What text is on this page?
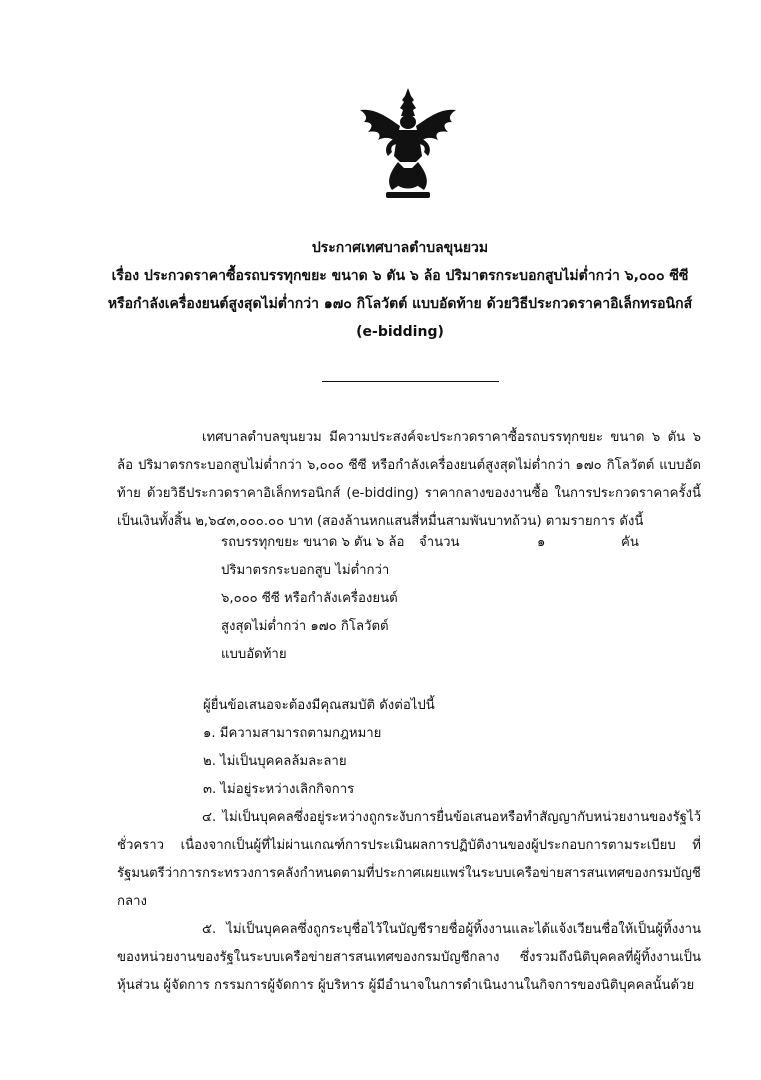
ประกาศเทศบาลตำบลขุนยวม
เรื่อง ประกวดราคาซื้อรถบรรทุกขยะ ขนาด ๖ ตัน ๖ ล้อ ปริมาตรกระบอกสูบไม่ต่ำกว่า ๖,๐๐๐ ซีซี หรือกำลังเครื่องยนต์สูงสุดไม่ต่ำกว่า ๑๗๐ กิโลวัตต์ แบบอัดท้าย ด้วยวิธีประกวดราคาอิเล็กทรอนิกส์ (e-bidding)
เทศบาลตำบลขุนยวม มีความประสงค์จะประกวดราคาซื้อรถบรรทุกขยะ ขนาด ๖ ตัน ๖ ล้อ ปริมาตรกระบอกสูบไม่ต่ำกว่า ๖,๐๐๐ ซีซี หรือกำลังเครื่องยนต์สูงสุดไม่ต่ำกว่า ๑๗๐ กิโลวัตต์ แบบอัดท้าย ด้วยวิธีประกวดราคาอิเล็กทรอนิกส์ (e-bidding) ราคากลางของงานซื้อ ในการประกวดราคาครั้งนี้ เป็นเงินทั้งสิ้น ๒,๖๔๓,๐๐๐.๐๐ บาท (สองล้านหกแสนสี่หมื่นสามพันบาทถ้วน) ตามรายการ ดังนี้
รถบรรทุกขยะ ขนาด ๖ ตัน ๖ ล้อ ปริมาตรกระบอกสูบ ไม่ต่ำกว่า ๖,๐๐๐ ซีซี หรือกำลังเครื่องยนต์สูงสุดไม่ต่ำกว่า ๑๗๐ กิโลวัตต์ แบบอัดท้าย
จำนวน	๑	คัน
ผู้ยื่นข้อเสนอจะต้องมีคุณสมบัติ ดังต่อไปนี้
๑. มีความสามารถตามกฎหมาย
๒. ไม่เป็นบุคคลล้มละลาย
๓. ไม่อยู่ระหว่างเลิกกิจการ
๔. ไม่เป็นบุคคลซึ่งอยู่ระหว่างถูกระงับการยื่นข้อเสนอหรือทำสัญญากับหน่วยงานของรัฐไว้ชั่วคราว เนื่องจากเป็นผู้ที่ไม่ผ่านเกณฑ์การประเมินผลการปฏิบัติงานของผู้ประกอบการตามระเบียบ ที่รัฐมนตรีว่าการกระทรวงการคลังกำหนดตามที่ประกาศเผยแพร่ในระบบเครือข่ายสารสนเทศของกรมบัญชีกลาง
๕. ไม่เป็นบุคคลซึ่งถูกระบุชื่อไว้ในบัญชีรายชื่อผู้ทิ้งงานและได้แจ้งเวียนชื่อให้เป็นผู้ทิ้งงานของหน่วยงานของรัฐในระบบเครือข่ายสารสนเทศของกรมบัญชีกลาง ซึ่งรวมถึงนิติบุคคลที่ผู้ทิ้งงานเป็นหุ้นส่วน ผู้จัดการ กรรมการผู้จัดการ ผู้บริหาร ผู้มีอำนาจในการดำเนินงานในกิจการของนิติบุคคลนั้นด้วย
